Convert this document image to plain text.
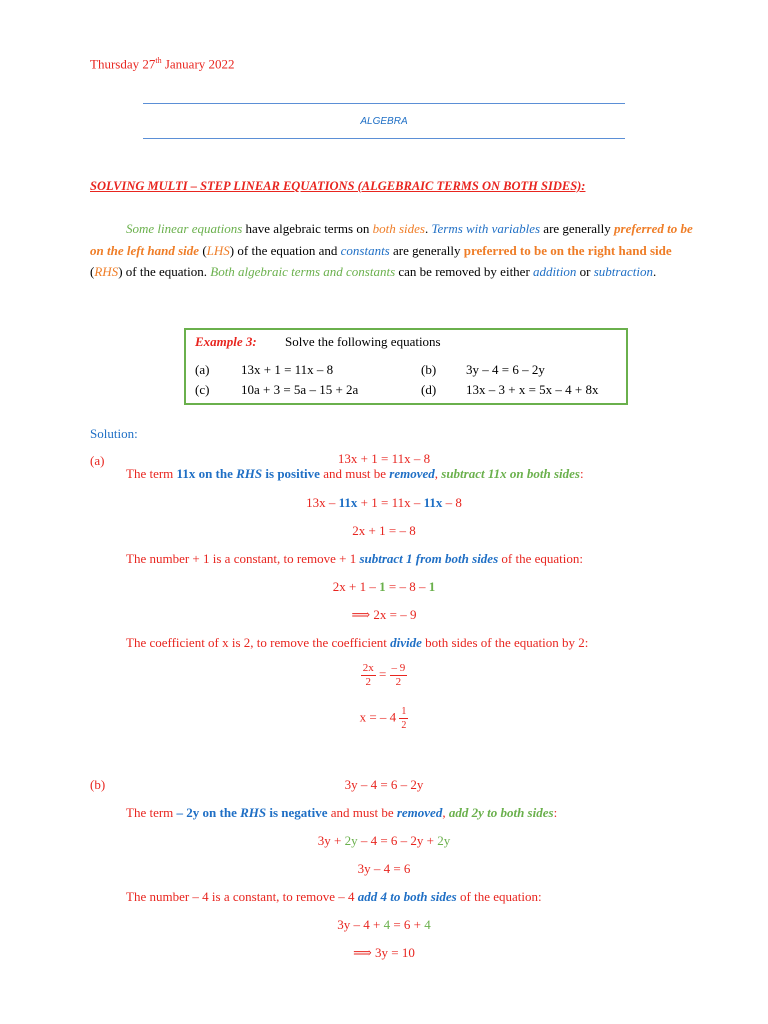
Thursday 27th January 2022
ALGEBRA
SOLVING MULTI – STEP LINEAR EQUATIONS (ALGEBRAIC TERMS ON BOTH SIDES):
Some linear equations have algebraic terms on both sides. Terms with variables are generally preferred to be on the left hand side (LHS) of the equation and constants are generally preferred to be on the right hand side (RHS) of the equation. Both algebraic terms and constants can be removed by either addition or subtraction.
Example 3: Solve the following equations
(a) 13x + 1 = 11x – 8	(b) 3y – 4 = 6 – 2y
(c) 10a + 3 = 5a – 15 + 2a	(d) 13x – 3 + x = 5x – 4 + 8x
Solution:
(a)	13x + 1 = 11x – 8
The term 11x on the RHS is positive and must be removed, subtract 11x on both sides:
13x – 11x + 1 = 11x – 11x – 8
2x + 1 = – 8
The number + 1 is a constant, to remove + 1 subtract 1 from both sides of the equation:
2x + 1 – 1 = – 8 – 1
⟹ 2x = – 9
The coefficient of x is 2, to remove the coefficient divide both sides of the equation by 2:
$\frac{2x}{2} = \frac{- 9}{2}$
x = – $4 \frac{1}{2}$
(b)	3y – 4 = 6 – 2y
The term – 2y on the RHS is negative and must be removed, add 2y to both sides:
3y + 2y – 4 = 6 – 2y + 2y
3y – 4 = 6
The number – 4 is a constant, to remove – 4 add 4 to both sides of the equation:
3y – 4 + 4 = 6 + 4
⟹ 3y = 10
